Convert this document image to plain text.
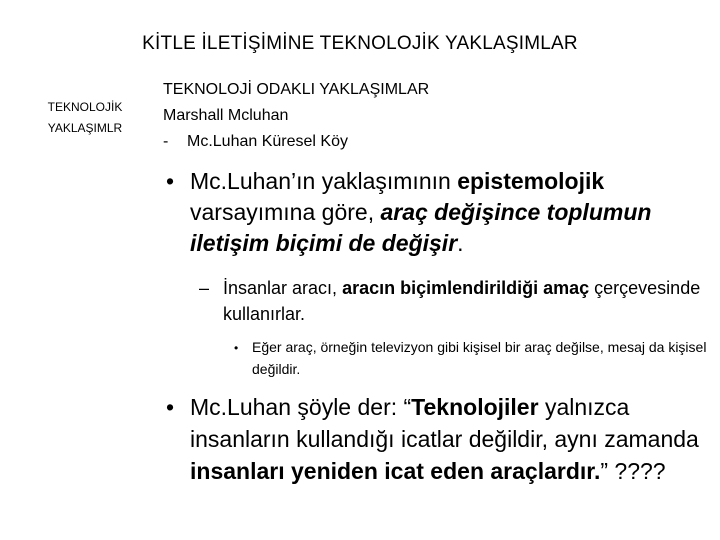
KİTLE İLETİŞİMİNE TEKNOLOJİK YAKLAŞIMLAR
TEKNOLOJİK
YAKLAŞIMLR
TEKNOLOJİ ODAKLI YAKLAŞIMLAR
Marshall Mcluhan
- Mc.Luhan Küresel Köy
• Mc.Luhan’ın yaklaşımının epistemolojik varsayımına göre, araç değişince toplumun iletişim biçimi de değişir.
– İnsanlar aracı, aracın biçimlendirildiği amaç çerçevesinde kullanırlar.
• Eğer araç, örneğin televizyon gibi kişisel bir araç değilse, mesaj da kişisel değildir.
• Mc.Luhan şöyle der: “Teknolojiler yalnızca insanların kullandığı icatlar değildir, aynı zamanda insanları yeniden icat eden araçlardır.” ????
